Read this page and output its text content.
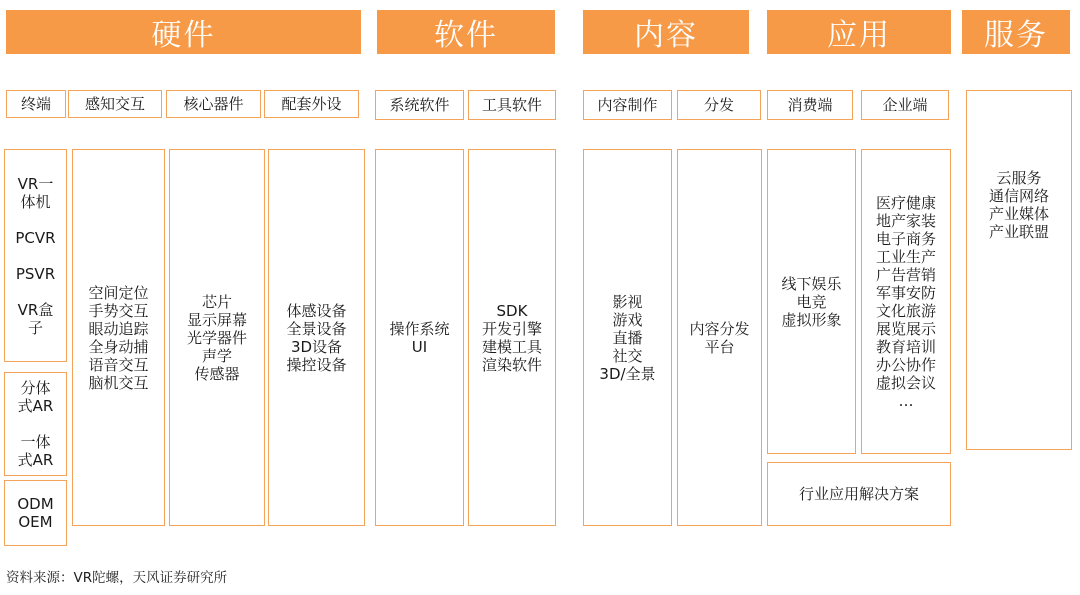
硬件	软件	内容	应用	服务
终端	感知交互	核心器件	配套外设	系统软件	工具软件	内容制作	分发	消费端	企业端
VR一
体机

PCVR

PSVR

VR盒
子
分体
式AR

一体
式AR
ODM
OEM
空间定位
手势交互
眼动追踪
全身动捕
语音交互
脑机交互
芯片
显示屏幕
光学器件
声学
传感器
体感设备
全景设备
3D设备
操控设备
操作系统
UI
SDK
开发引擎
建模工具
渲染软件
影视
游戏
直播
社交
3D/全景
内容分发
平台
线下娱乐
电竞
虚拟形象
医疗健康
地产家装
电子商务
工业生产
广告营销
军事安防
文化旅游
展览展示
教育培训
办公协作
虚拟会议
…
行业应用解决方案
云服务
通信网络
产业媒体
产业联盟
资料来源：VR陀螺，天风证券研究所
